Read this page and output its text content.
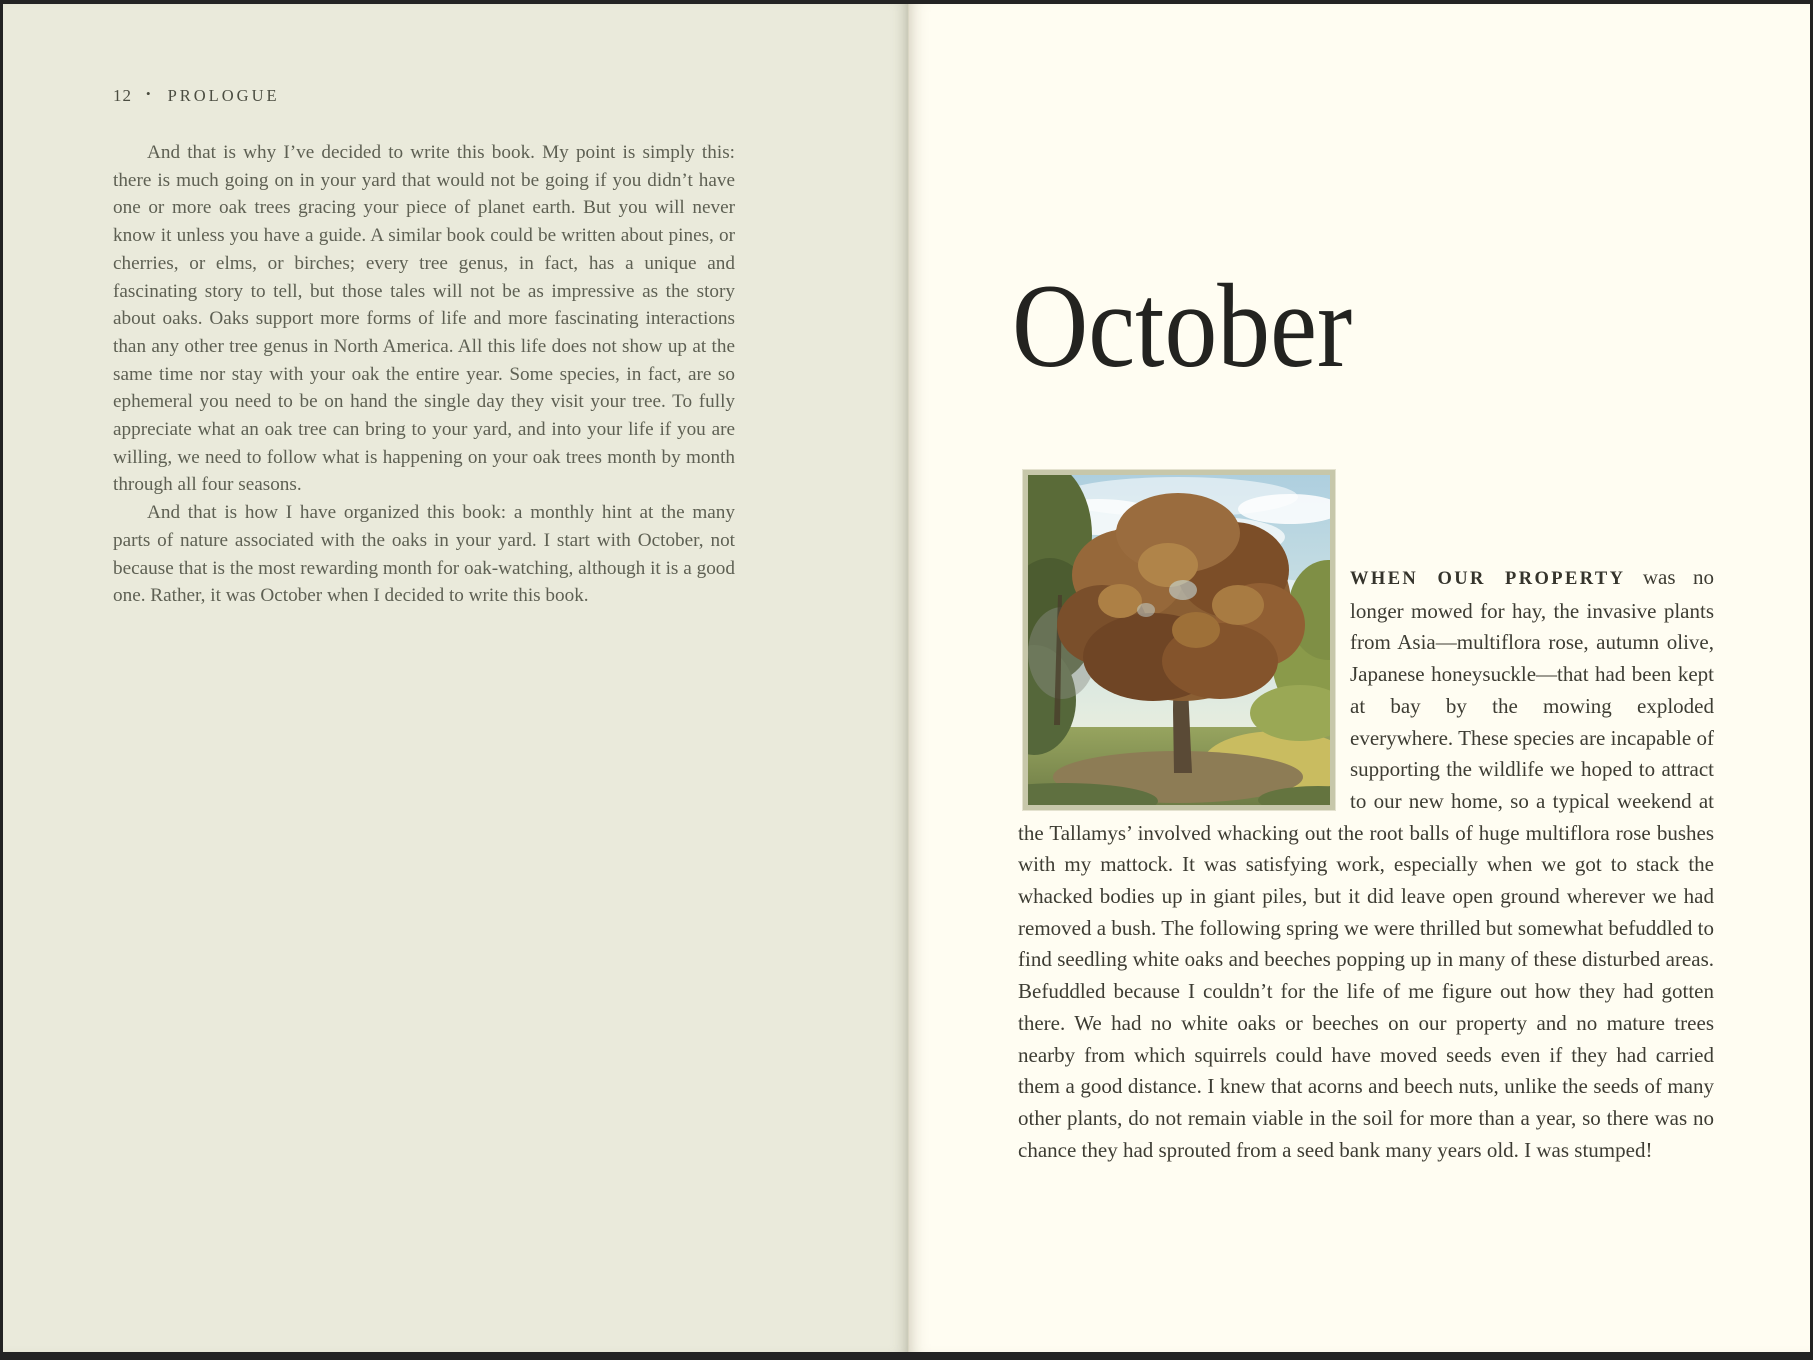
12 • PROLOGUE

And that is why I’ve decided to write this book. My point is simply this: there is much going on in your yard that would not be going if you didn’t have one or more oak trees gracing your piece of planet earth. But you will never know it unless you have a guide. A similar book could be written about pines, or cherries, or elms, or birches; every tree genus, in fact, has a unique and fascinating story to tell, but those tales will not be as impressive as the story about oaks. Oaks support more forms of life and more fascinating interactions than any other tree genus in North America. All this life does not show up at the same time nor stay with your oak the entire year. Some species, in fact, are so ephemeral you need to be on hand the single day they visit your tree. To fully appreciate what an oak tree can bring to your yard, and into your life if you are willing, we need to follow what is happening on your oak trees month by month through all four seasons.

And that is how I have organized this book: a monthly hint at the many parts of nature associated with the oaks in your yard. I start with October, not because that is the most rewarding month for oak-watching, although it is a good one. Rather, it was October when I decided to write this book.

October

WHEN OUR PROPERTY was no longer mowed for hay, the invasive plants from Asia—multiflora rose, autumn olive, Japanese honeysuckle—that had been kept at bay by the mowing exploded everywhere. These species are incapable of supporting the wildlife we hoped to attract to our new home, so a typical weekend at the Tallamys’ involved whacking out the root balls of huge multiflora rose bushes with my mattock. It was satisfying work, especially when we got to stack the whacked bodies up in giant piles, but it did leave open ground wherever we had removed a bush. The following spring we were thrilled but somewhat befuddled to find seedling white oaks and beeches popping up in many of these disturbed areas. Befuddled because I couldn’t for the life of me figure out how they had gotten there. We had no white oaks or beeches on our property and no mature trees nearby from which squirrels could have moved seeds even if they had carried them a good distance. I knew that acorns and beech nuts, unlike the seeds of many other plants, do not remain viable in the soil for more than a year, so there was no chance they had sprouted from a seed bank many years old. I was stumped!
